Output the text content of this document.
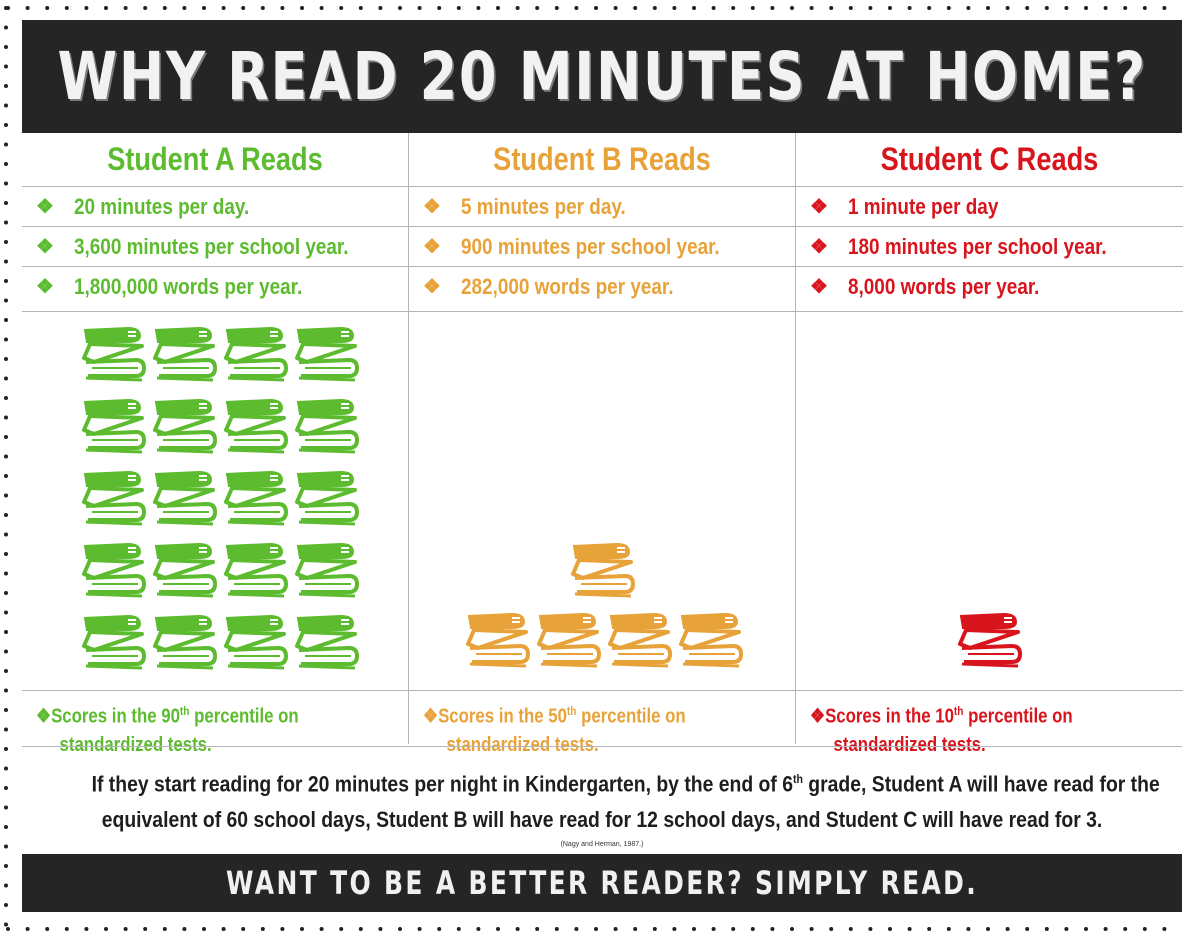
WHY READ 20 MINUTES AT HOME?
Student A Reads
❖ 20 minutes per day.
❖ 3,600 minutes per school year.
❖ 1,800,000 words per year.
❖Scores in the 90th percentile on
standardized tests.
Student B Reads
❖ 5 minutes per day.
❖ 900 minutes per school year.
❖ 282,000 words per year.
❖Scores in the 50th percentile on
standardized tests.
Student C Reads
❖ 1 minute per day
❖ 180 minutes per school year.
❖ 8,000 words per year.
❖Scores in the 10th percentile on
standardized tests.
If they start reading for 20 minutes per night in Kindergarten, by the end of 6th grade, Student A will have read for the
equivalent of 60 school days, Student B will have read for 12 school days, and Student C will have read for 3.
(Nagy and Herman, 1987.)
WANT TO BE A BETTER READER? SIMPLY READ.
